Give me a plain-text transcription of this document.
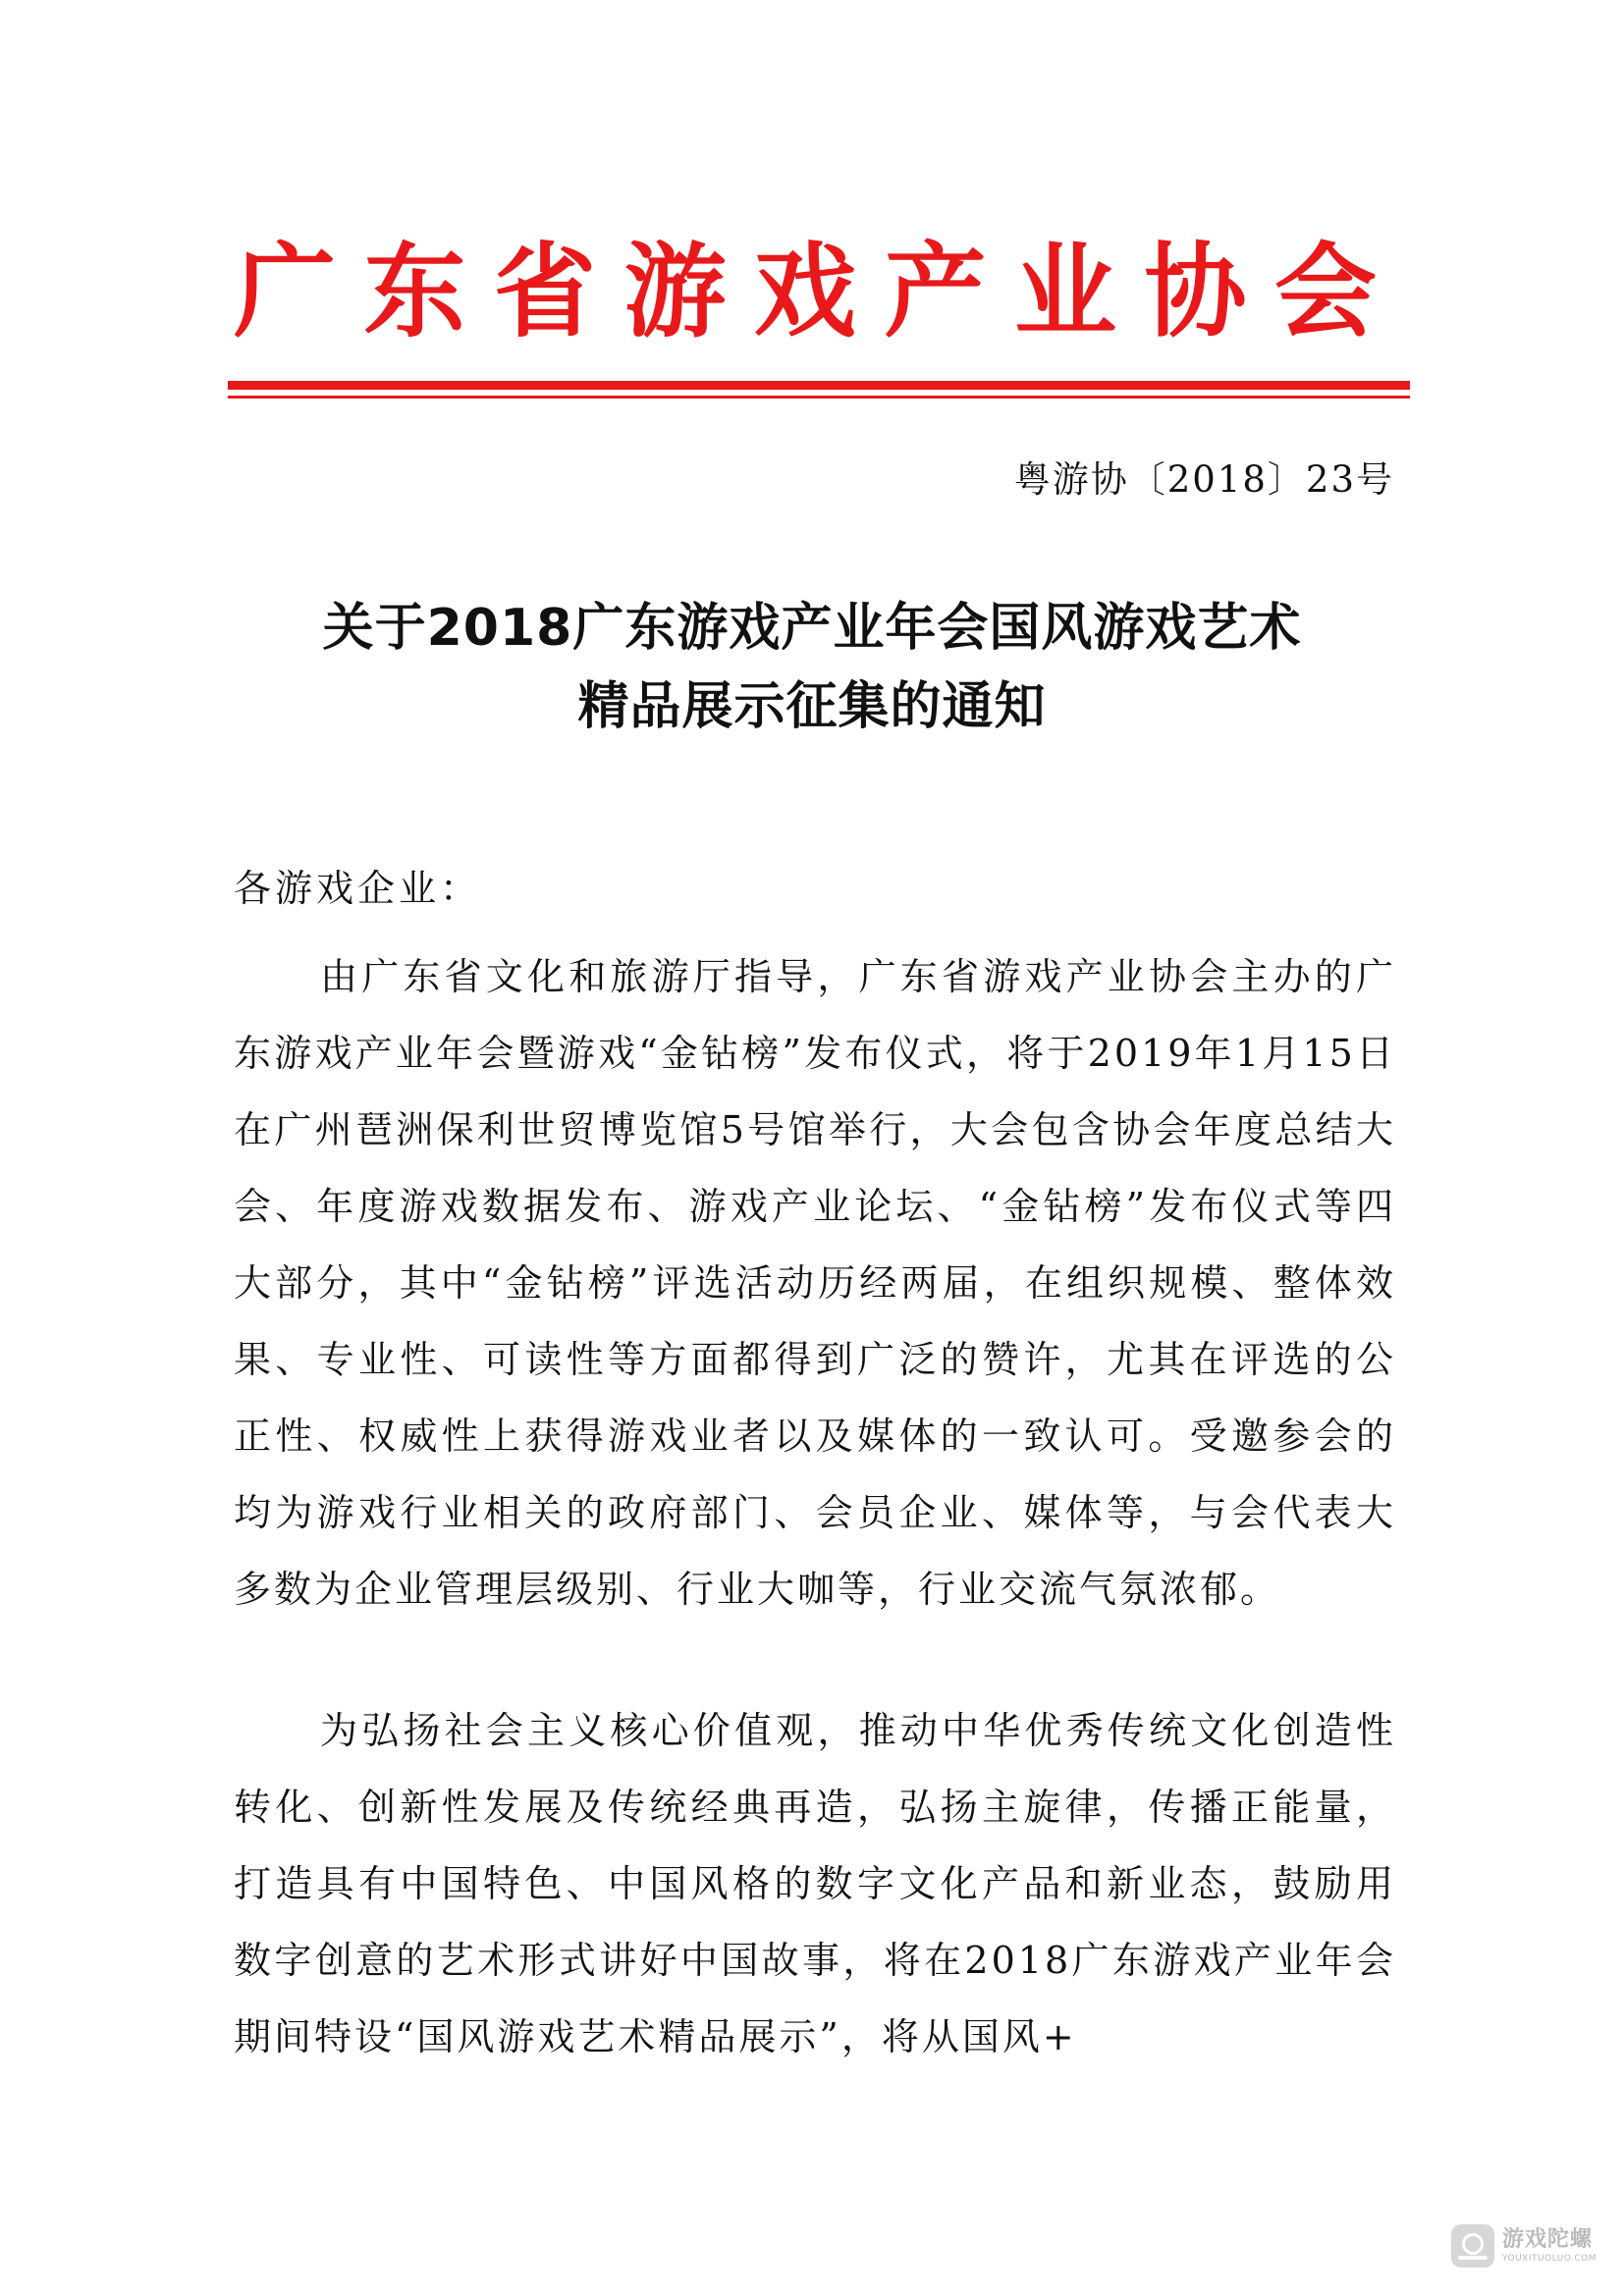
广东省游戏产业协会
粤游协〔2018〕23号
关于2018广东游戏产业年会国风游戏艺术
精品展示征集的通知
各游戏企业：

由广东省文化和旅游厅指导，广东省游戏产业协会主办的广东游戏产业年会暨游戏“金钻榜”发布仪式，将于2019年1月15日在广州琶洲保利世贸博览馆5号馆举行，大会包含协会年度总结大会、年度游戏数据发布、游戏产业论坛、“金钻榜”发布仪式等四大部分，其中“金钻榜”评选活动历经两届，在组织规模、整体效果、专业性、可读性等方面都得到广泛的赞许，尤其在评选的公正性、权威性上获得游戏业者以及媒体的一致认可。受邀参会的均为游戏行业相关的政府部门、会员企业、媒体等，与会代表大多数为企业管理层级别、行业大咖等，行业交流气氛浓郁。

为弘扬社会主义核心价值观，推动中华优秀传统文化创造性转化、创新性发展及传统经典再造，弘扬主旋律，传播正能量，打造具有中国特色、中国风格的数字文化产品和新业态，鼓励用数字创意的艺术形式讲好中国故事，将在2018广东游戏产业年会期间特设“国风游戏艺术精品展示”，将从国风+

游戏陀螺
YOUXITUOLUO.COM
